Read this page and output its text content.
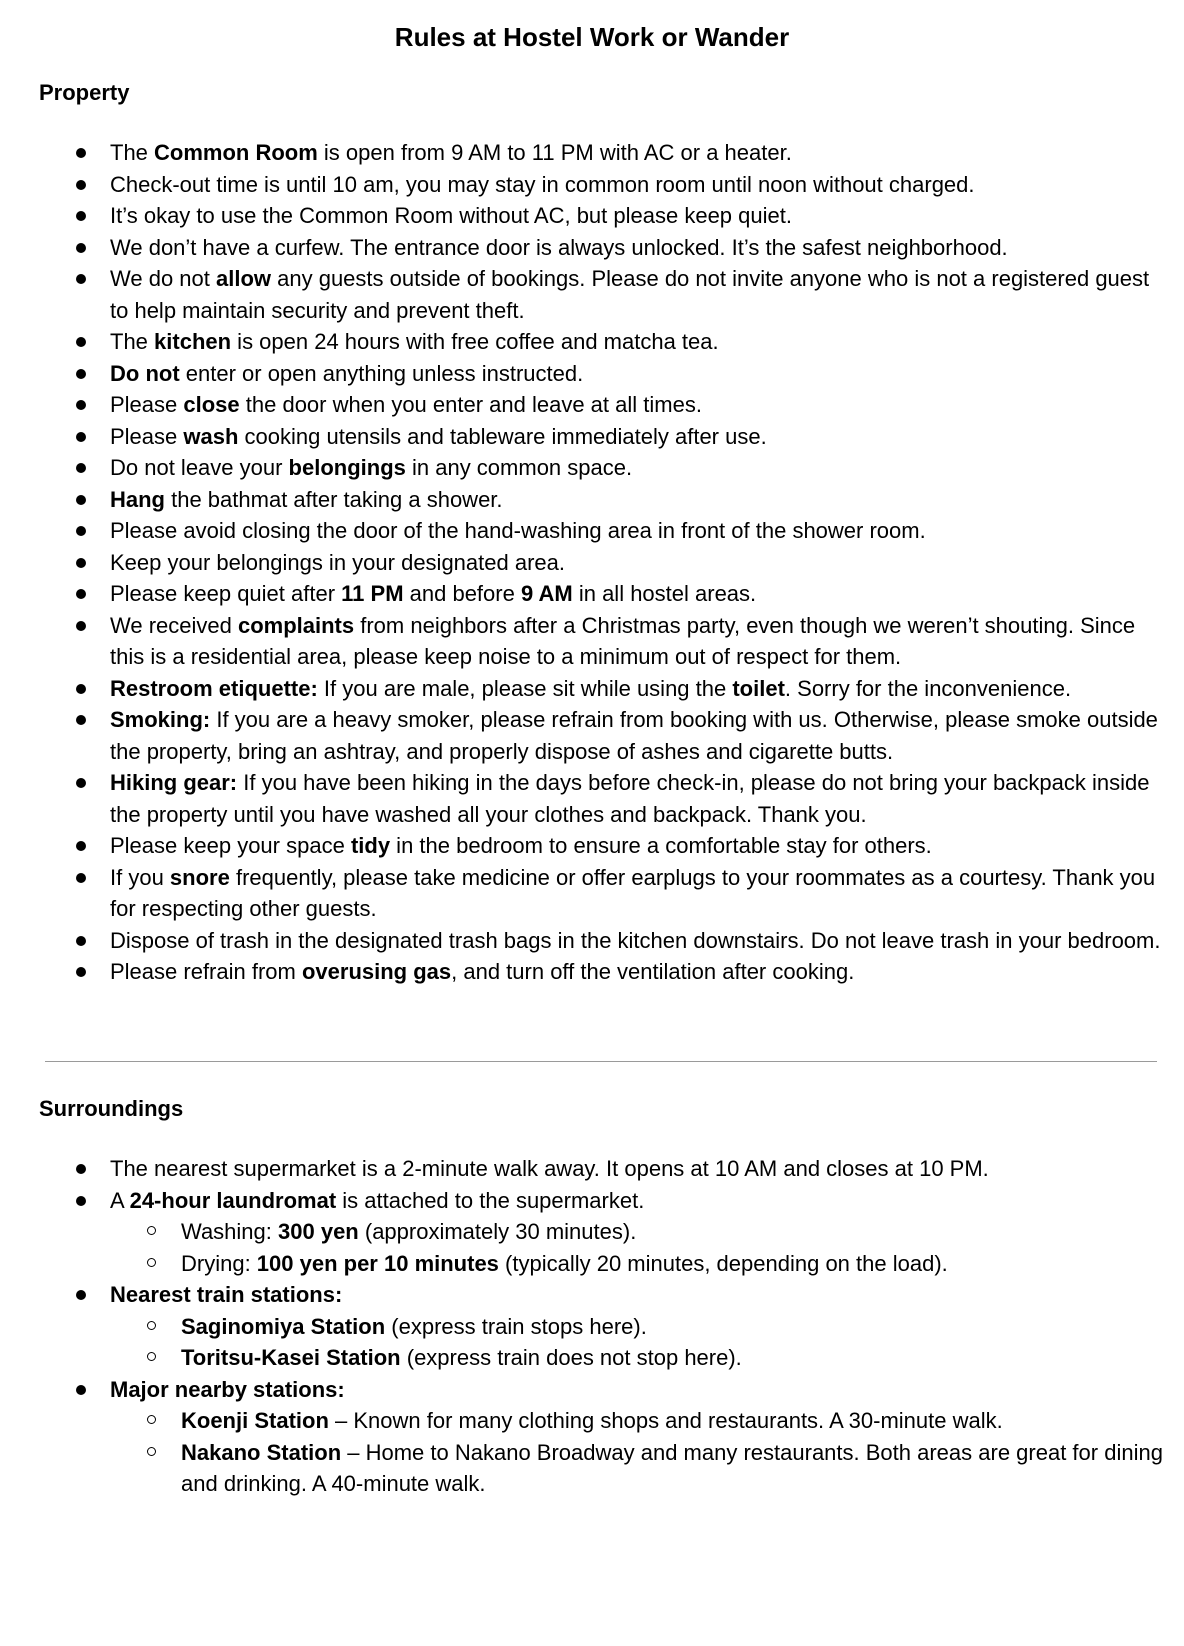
Rules at Hostel Work or Wander
Property
The Common Room is open from 9 AM to 11 PM with AC or a heater.
Check-out time is until 10 am, you may stay in common room until noon without charged.
It’s okay to use the Common Room without AC, but please keep quiet.
We don’t have a curfew. The entrance door is always unlocked. It’s the safest neighborhood.
We do not allow any guests outside of bookings. Please do not invite anyone who is not a registered guest to help maintain security and prevent theft.
The kitchen is open 24 hours with free coffee and matcha tea.
Do not enter or open anything unless instructed.
Please close the door when you enter and leave at all times.
Please wash cooking utensils and tableware immediately after use.
Do not leave your belongings in any common space.
Hang the bathmat after taking a shower.
Please avoid closing the door of the hand-washing area in front of the shower room.
Keep your belongings in your designated area.
Please keep quiet after 11 PM and before 9 AM in all hostel areas.
We received complaints from neighbors after a Christmas party, even though we weren’t shouting. Since this is a residential area, please keep noise to a minimum out of respect for them.
Restroom etiquette: If you are male, please sit while using the toilet. Sorry for the inconvenience.
Smoking: If you are a heavy smoker, please refrain from booking with us. Otherwise, please smoke outside the property, bring an ashtray, and properly dispose of ashes and cigarette butts.
Hiking gear: If you have been hiking in the days before check-in, please do not bring your backpack inside the property until you have washed all your clothes and backpack. Thank you.
Please keep your space tidy in the bedroom to ensure a comfortable stay for others.
If you snore frequently, please take medicine or offer earplugs to your roommates as a courtesy. Thank you for respecting other guests.
Dispose of trash in the designated trash bags in the kitchen downstairs. Do not leave trash in your bedroom.
Please refrain from overusing gas, and turn off the ventilation after cooking.
Surroundings
The nearest supermarket is a 2-minute walk away. It opens at 10 AM and closes at 10 PM.
A 24-hour laundromat is attached to the supermarket.
Washing: 300 yen (approximately 30 minutes).
Drying: 100 yen per 10 minutes (typically 20 minutes, depending on the load).
Nearest train stations:
Saginomiya Station (express train stops here).
Toritsu-Kasei Station (express train does not stop here).
Major nearby stations:
Koenji Station – Known for many clothing shops and restaurants. A 30-minute walk.
Nakano Station – Home to Nakano Broadway and many restaurants. Both areas are great for dining and drinking. A 40-minute walk.
